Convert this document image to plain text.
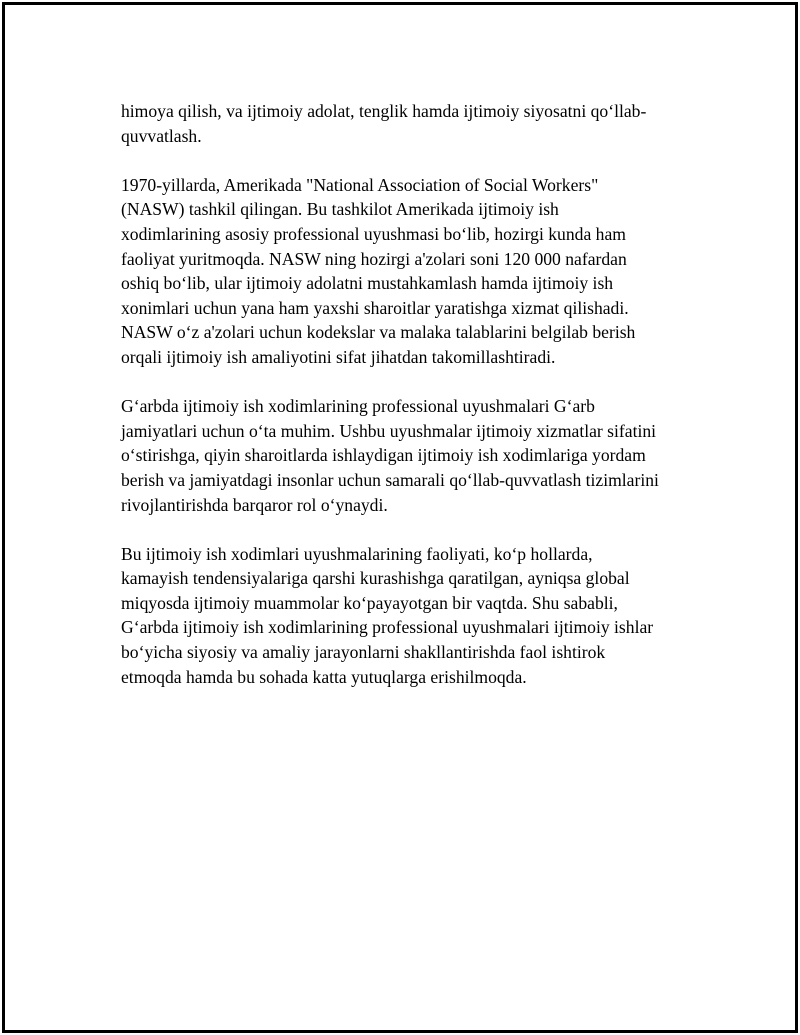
himoya qilish, va ijtimoiy adolat, tenglik hamda ijtimoiy siyosatni qo‘llab-
quvvatlash.

1970-yillarda, Amerikada "National Association of Social Workers"
(NASW) tashkil qilingan. Bu tashkilot Amerikada ijtimoiy ish
xodimlarining asosiy professional uyushmasi bo‘lib, hozirgi kunda ham
faoliyat yuritmoqda. NASW ning hozirgi a'zolari soni 120 000 nafardan
oshiq bo‘lib, ular ijtimoiy adolatni mustahkamlash hamda ijtimoiy ish
xonimlari uchun yana ham yaxshi sharoitlar yaratishga xizmat qilishadi.
NASW o‘z a'zolari uchun kodekslar va malaka talablarini belgilab berish
orqali ijtimoiy ish amaliyotini sifat jihatdan takomillashtiradi.

G‘arbda ijtimoiy ish xodimlarining professional uyushmalari G‘arb
jamiyatlari uchun o‘ta muhim. Ushbu uyushmalar ijtimoiy xizmatlar sifatini
o‘stirishga, qiyin sharoitlarda ishlaydigan ijtimoiy ish xodimlariga yordam
berish va jamiyatdagi insonlar uchun samarali qo‘llab-quvvatlash tizimlarini
rivojlantirishda barqaror rol o‘ynaydi.

Bu ijtimoiy ish xodimlari uyushmalarining faoliyati, ko‘p hollarda,
kamayish tendensiyalariga qarshi kurashishga qaratilgan, ayniqsa global
miqyosda ijtimoiy muammolar ko‘payayotgan bir vaqtda. Shu sababli,
G‘arbda ijtimoiy ish xodimlarining professional uyushmalari ijtimoiy ishlar
bo‘yicha siyosiy va amaliy jarayonlarni shakllantirishda faol ishtirok
etmoqda hamda bu sohada katta yutuqlarga erishilmoqda.
